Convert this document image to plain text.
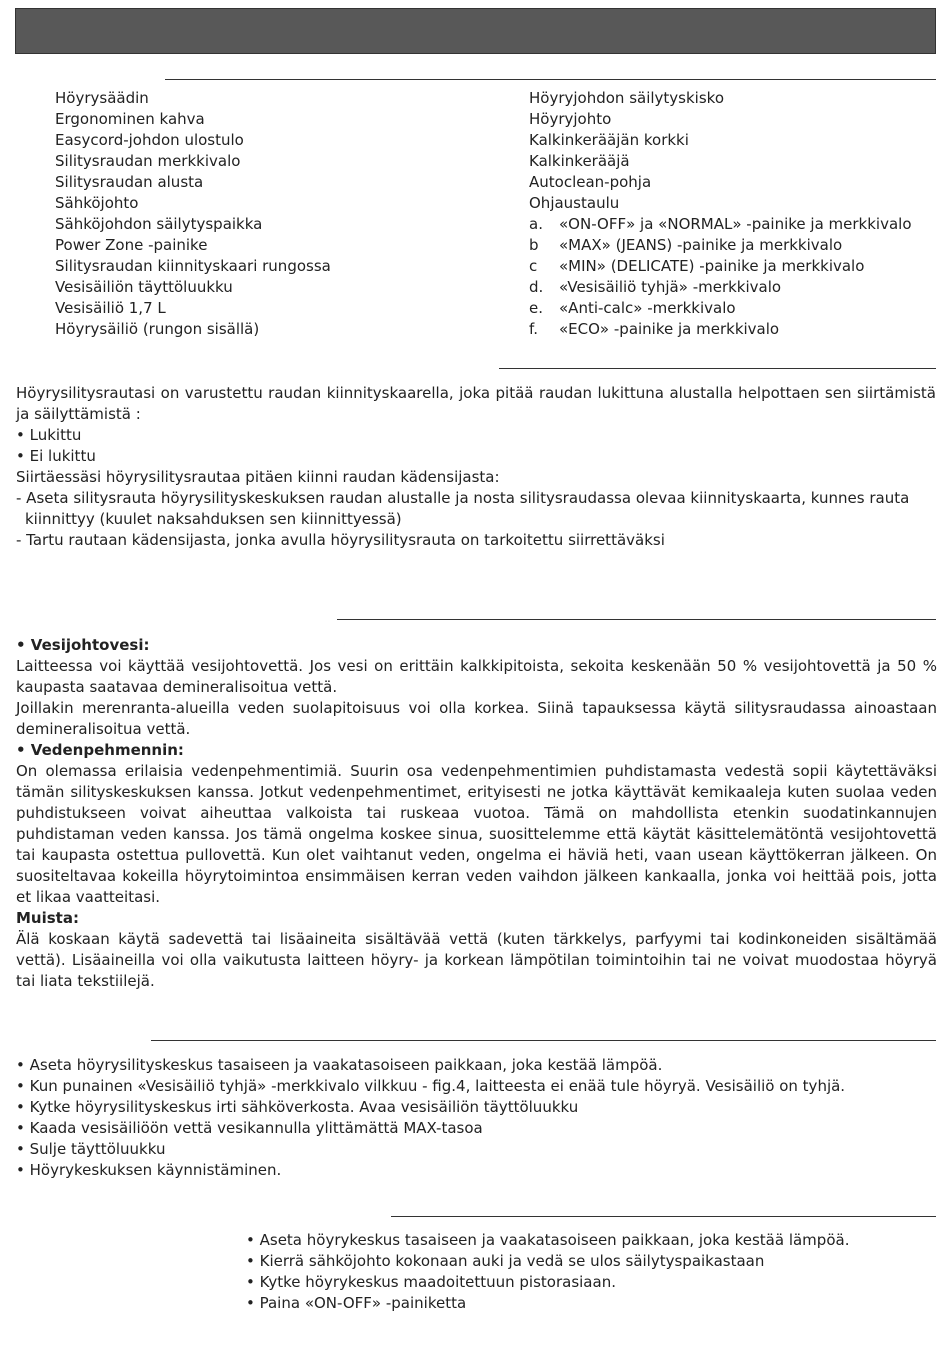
Höyrysäädin
Ergonominen kahva
Easycord-johdon ulostulo
Silitysraudan merkkivalo
Silitysraudan alusta
Sähköjohto
Sähköjohdon säilytyspaikka
Power Zone -painike
Silitysraudan kiinnityskaari rungossa
Vesisäiliön täyttöluukku
Vesisäiliö 1,7 L
Höyrysäiliö (rungon sisällä)
Höyryjohdon säilytyskisko
Höyryjohto
Kalkinkerääjän korkki
Kalkinkerääjä
Autoclean-pohja
Ohjaustaulu
a. «ON-OFF» ja «NORMAL» -painike ja merkkivalo
b «MAX» (JEANS) -painike ja merkkivalo
c «MIN» (DELICATE) -painike ja merkkivalo
d. «Vesisäiliö tyhjä» -merkkivalo
e. «Anti-calc» -merkkivalo
f. «ECO» -painike ja merkkivalo

Höyrysilitysrautasi on varustettu raudan kiinnityskaarella, joka pitää raudan lukittuna alustalla helpottaen sen siirtämistä ja säilyttämistä :

• Lukittu

• Ei lukittu

Siirtäessäsi höyrysilitysrautaa pitäen kiinni raudan kädensijasta:

- Aseta silitysrauta höyrysilityskeskuksen raudan alustalle ja nosta silitysraudassa olevaa kiinnityskaarta, kunnes rauta kiinnittyy (kuulet naksahduksen sen kiinnittyessä)

- Tartu rautaan kädensijasta, jonka avulla höyrysilitysrauta on tarkoitettu siirrettäväksi

• Vesijohtovesi:

Laitteessa voi käyttää vesijohtovettä. Jos vesi on erittäin kalkkipitoista, sekoita keskenään 50 % vesijohtovettä ja 50 % kaupasta saatavaa demineralisoitua vettä.

Joillakin merenranta-alueilla veden suolapitoisuus voi olla korkea. Siinä tapauksessa käytä silitysraudassa ainoastaan demineralisoitua vettä.

• Vedenpehmennin:

On olemassa erilaisia vedenpehmentimiä. Suurin osa vedenpehmentimien puhdistamasta vedestä sopii käytettäväksi tämän silityskeskuksen kanssa. Jotkut vedenpehmentimet, erityisesti ne jotka käyttävät kemikaaleja kuten suolaa veden puhdistukseen voivat aiheuttaa valkoista tai ruskeaa vuotoa. Tämä on mahdollista etenkin suodatinkannujen puhdistaman veden kanssa. Jos tämä ongelma koskee sinua, suosittelemme että käytät käsittelemätöntä vesijohtovettä tai kaupasta ostettua pullovettä. Kun olet vaihtanut veden, ongelma ei häviä heti, vaan usean käyttökerran jälkeen. On suositeltavaa kokeilla höyrytoimintoa ensimmäisen kerran veden vaihdon jälkeen kankaalla, jonka voi heittää pois, jotta et likaa vaatteitasi.

Muista:

Älä koskaan käytä sadevettä tai lisäaineita sisältävää vettä (kuten tärkkelys, parfyymi tai kodinkoneiden sisältämää vettä). Lisäaineilla voi olla vaikutusta laitteen höyry- ja korkean lämpötilan toimintoihin tai ne voivat muodostaa höyryä tai liata tekstiilejä.

• Aseta höyrysilityskeskus tasaiseen ja vaakatasoiseen paikkaan, joka kestää lämpöä.

• Kun punainen «Vesisäiliö tyhjä» -merkkivalo vilkkuu - fig.4, laitteesta ei enää tule höyryä. Vesisäiliö on tyhjä.

• Kytke höyrysilityskeskus irti sähköverkosta. Avaa vesisäiliön täyttöluukku

• Kaada vesisäiliöön vettä vesikannulla ylittämättä MAX-tasoa

• Sulje täyttöluukku

• Höyrykeskuksen käynnistäminen.

• Aseta höyrykeskus tasaiseen ja vaakatasoiseen paikkaan, joka kestää lämpöä.

• Kierrä sähköjohto kokonaan auki ja vedä se ulos säilytyspaikastaan

• Kytke höyrykeskus maadoitettuun pistorasiaan.

• Paina «ON-OFF» -painiketta
